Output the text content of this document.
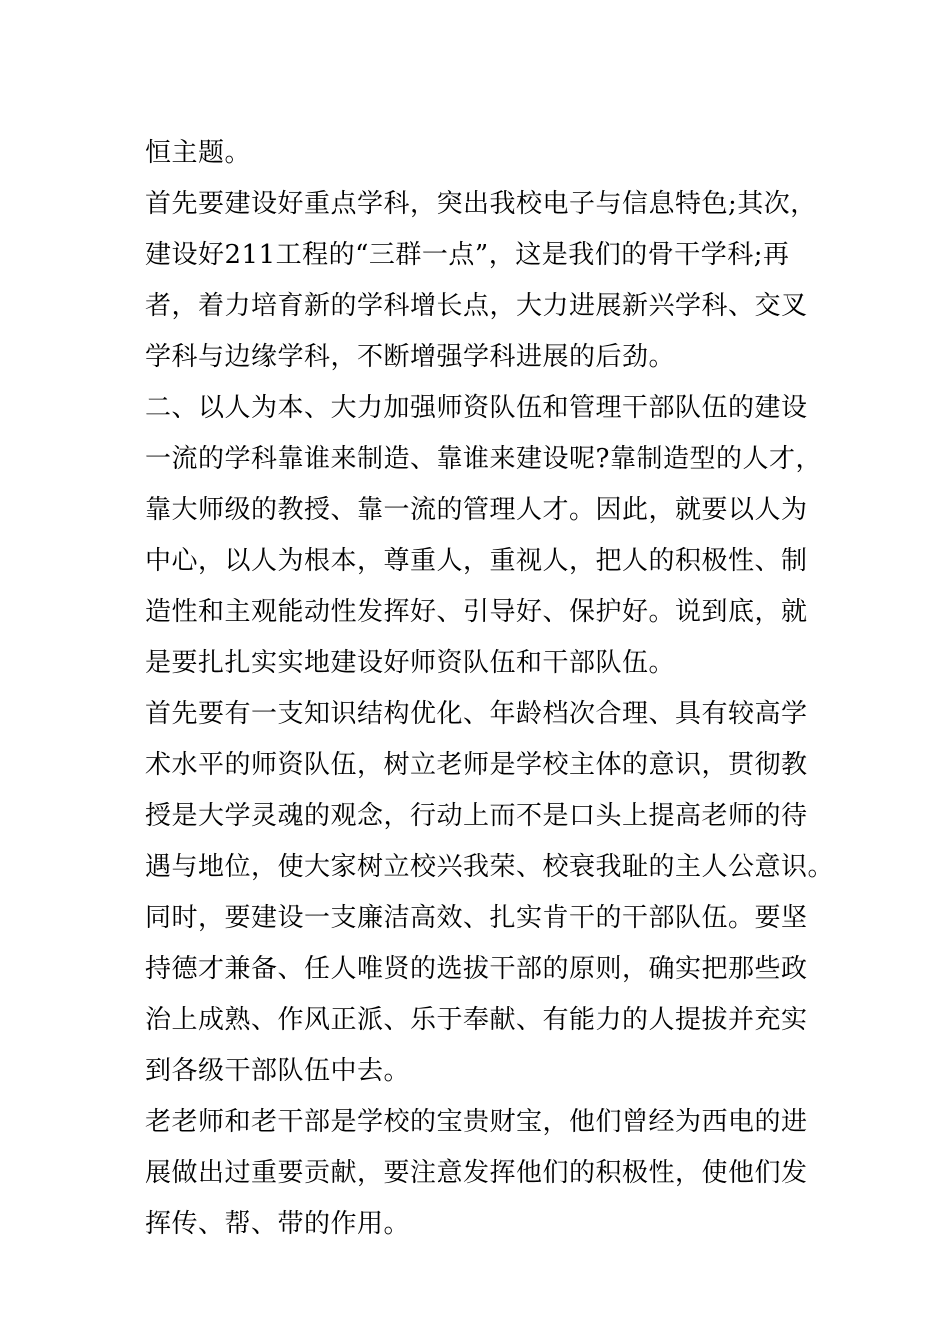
恒主题。
首先要建设好重点学科，突出我校电子与信息特色;其次，
建设好211工程的“三群一点”，这是我们的骨干学科;再
者，着力培育新的学科增长点，大力进展新兴学科、交叉
学科与边缘学科，不断增强学科进展的后劲。
二、以人为本、大力加强师资队伍和管理干部队伍的建设
一流的学科靠谁来制造、靠谁来建设呢?靠制造型的人才，
靠大师级的教授、靠一流的管理人才。因此，就要以人为
中心，以人为根本，尊重人，重视人，把人的积极性、制
造性和主观能动性发挥好、引导好、保护好。说到底，就
是要扎扎实实地建设好师资队伍和干部队伍。
首先要有一支知识结构优化、年龄档次合理、具有较高学
术水平的师资队伍，树立老师是学校主体的意识，贯彻教
授是大学灵魂的观念，行动上而不是口头上提高老师的待
遇与地位，使大家树立校兴我荣、校衰我耻的主人公意识。
同时，要建设一支廉洁高效、扎实肯干的干部队伍。要坚
持德才兼备、任人唯贤的选拔干部的原则，确实把那些政
治上成熟、作风正派、乐于奉献、有能力的人提拔并充实
到各级干部队伍中去。
老老师和老干部是学校的宝贵财宝，他们曾经为西电的进
展做出过重要贡献，要注意发挥他们的积极性，使他们发
挥传、帮、带的作用。
